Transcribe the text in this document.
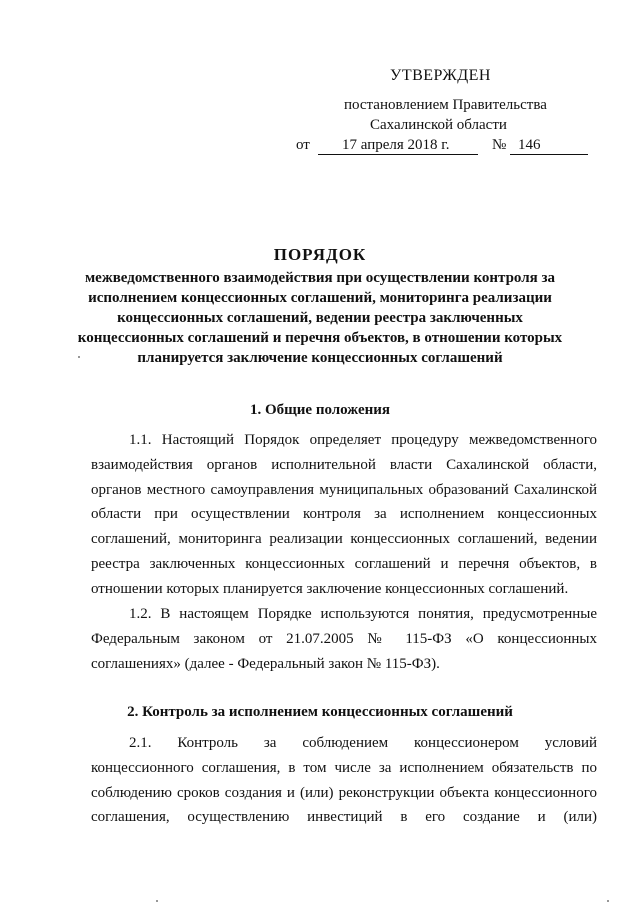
УТВЕРЖДЕН
постановлением Правительства
Сахалинской области
от 17 апреля 2018 г.	№ 146
ПОРЯДОК
межведомственного взаимодействия при осуществлении контроля за
исполнением концессионных соглашений, мониторинга реализации
концессионных соглашений, ведении реестра заключенных
концессионных соглашений и перечня объектов, в отношении которых
планируется заключение концессионных соглашений
1. Общие положения
1.1. Настоящий Порядок определяет процедуру межведомственного
взаимодействия органов исполнительной власти Сахалинской области,
органов местного самоуправления муниципальных образований Сахалинской
области при осуществлении контроля за исполнением концессионных
соглашений, мониторинга реализации концессионных соглашений, ведении
реестра заключенных концессионных соглашений и перечня объектов, в
отношении которых планируется заключение концессионных соглашений.
1.2. В настоящем Порядке используются понятия, предусмотренные
Федеральным законом от 21.07.2005 № 115-ФЗ «О концессионных
соглашениях» (далее - Федеральный закон № 115-ФЗ).
2. Контроль за исполнением концессионных соглашений
2.1. Контроль за соблюдением концессионером условий
концессионного соглашения, в том числе за исполнением обязательств по
соблюдению сроков создания и (или) реконструкции объекта концессионного
соглашения, осуществлению инвестиций в его создание и (или)
